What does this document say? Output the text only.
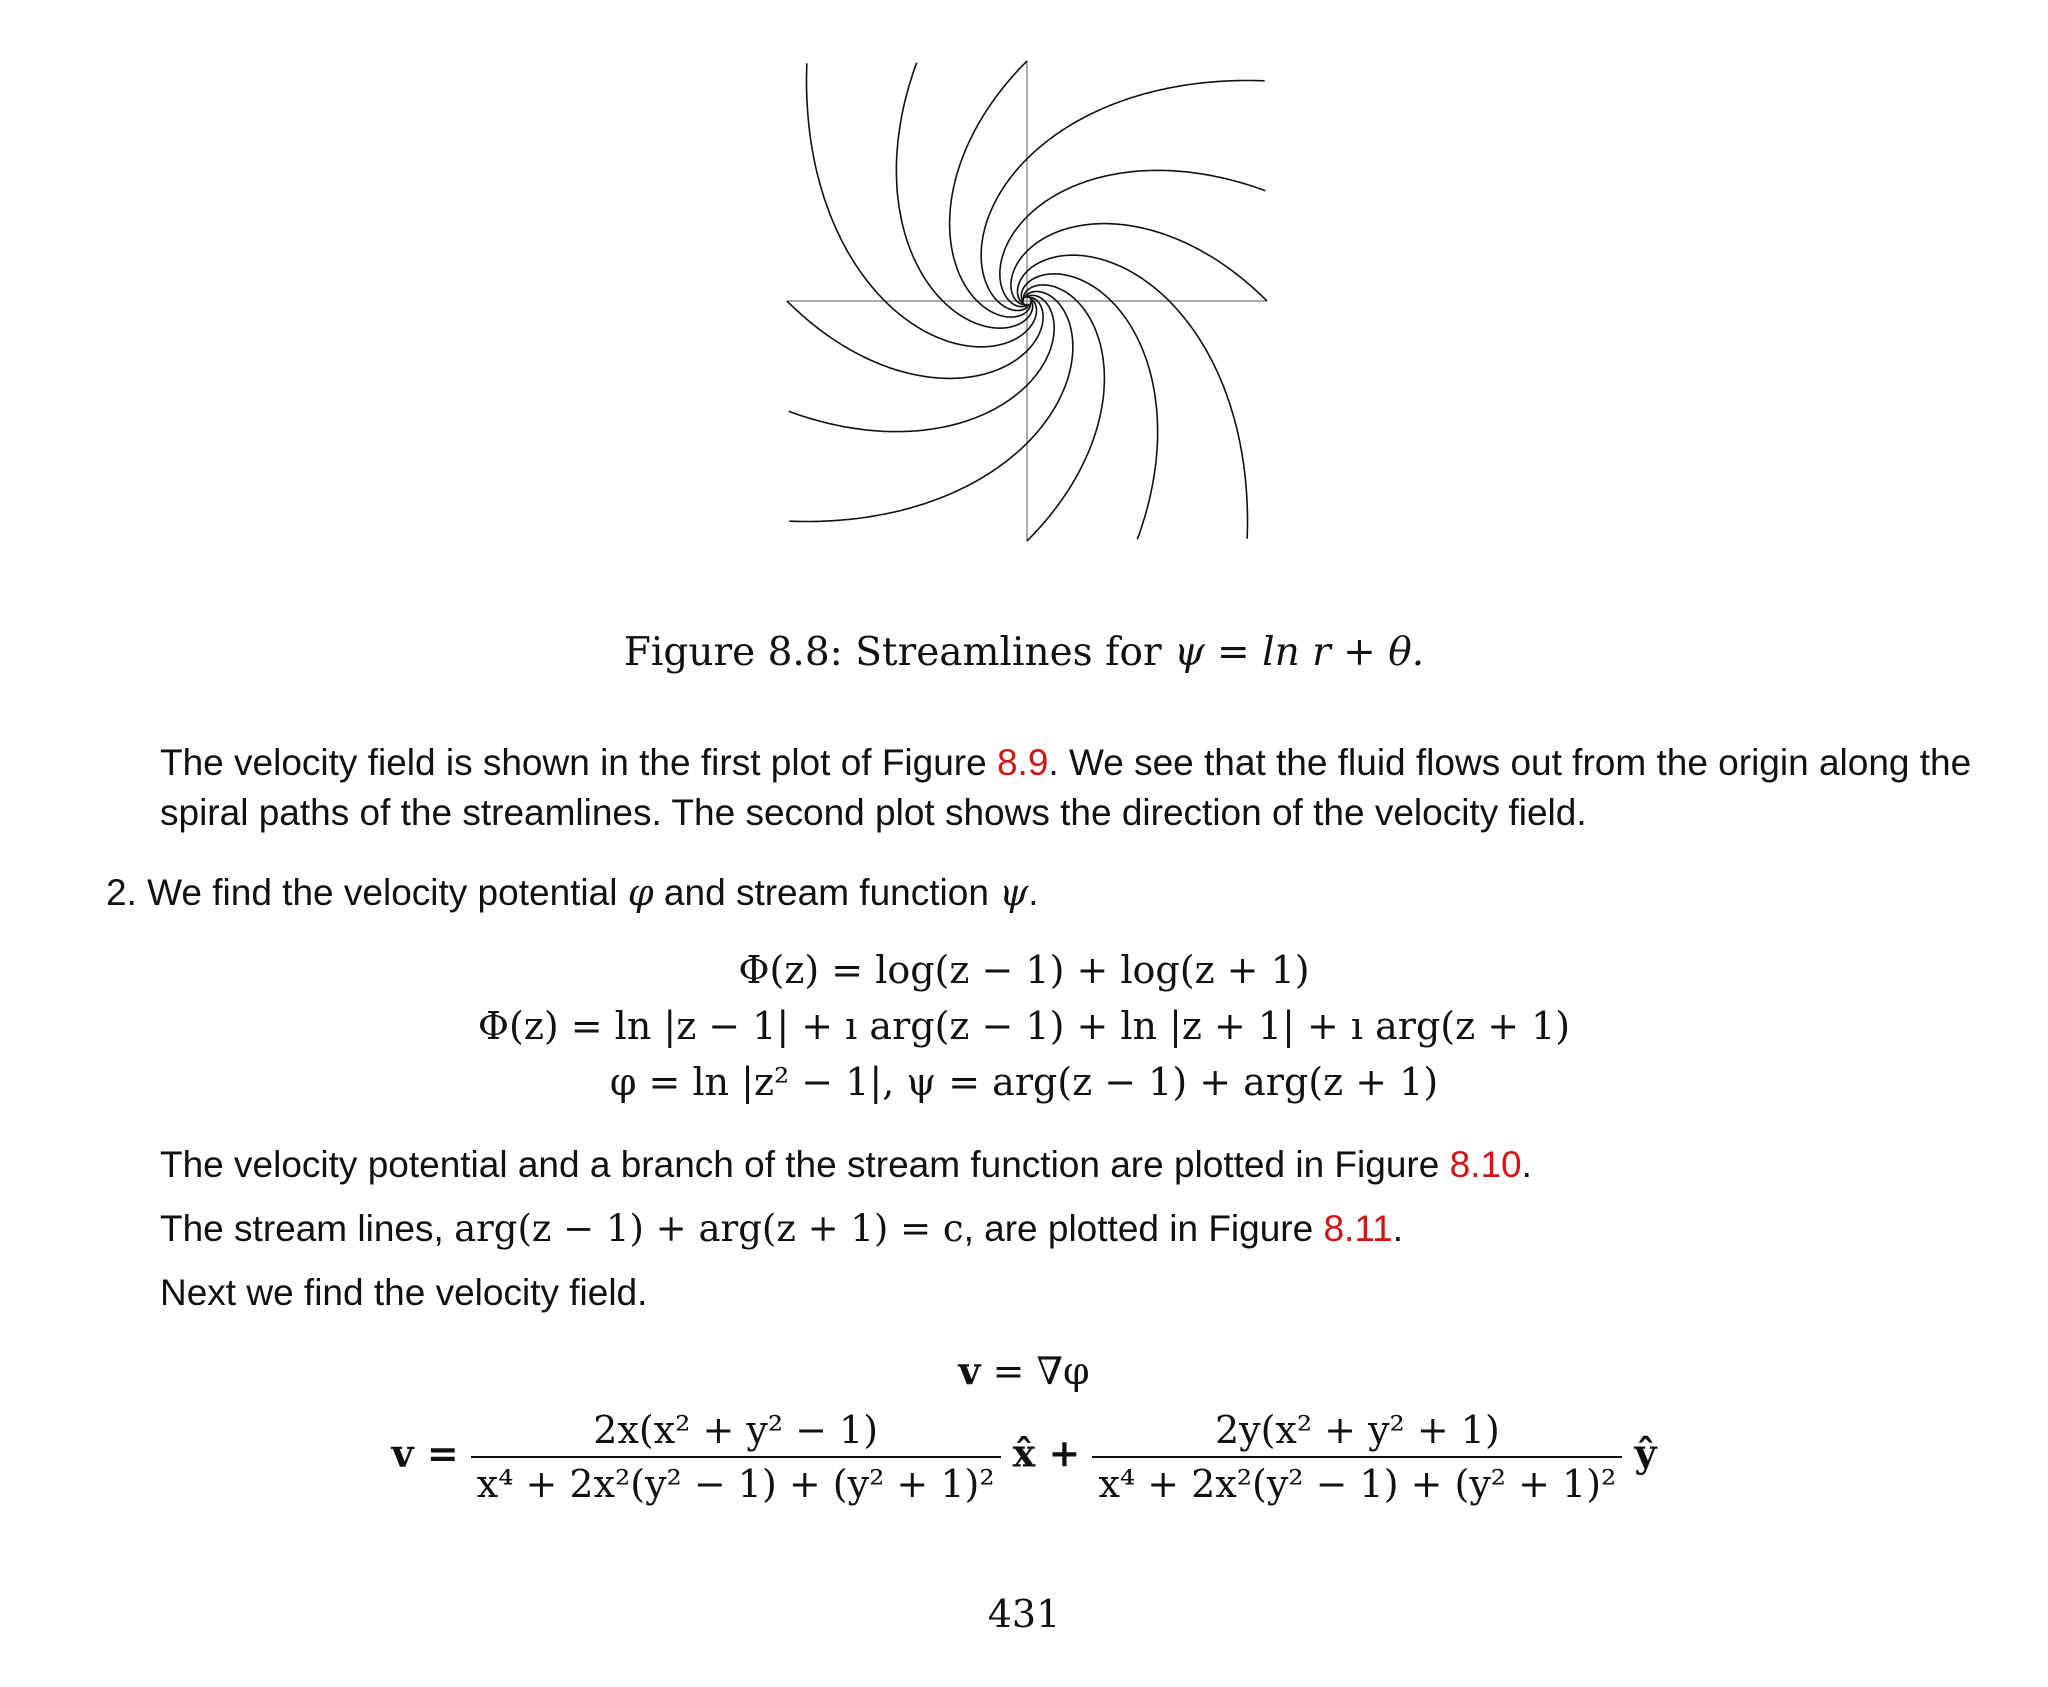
Figure 8.8: Streamlines for ψ = ln r + θ.
The velocity field is shown in the first plot of Figure 8.9. We see that the fluid flows out from the origin along the spiral paths of the streamlines. The second plot shows the direction of the velocity field.
2. We find the velocity potential φ and stream function ψ.
Φ(z) = log(z − 1) + log(z + 1)
Φ(z) = ln |z − 1| + ı arg(z − 1) + ln |z + 1| + ı arg(z + 1)
φ = ln |z² − 1|, ψ = arg(z − 1) + arg(z + 1)
The velocity potential and a branch of the stream function are plotted in Figure 8.10.
The stream lines, arg(z − 1) + arg(z + 1) = c, are plotted in Figure 8.11.
Next we find the velocity field.
v = ∇φ
$v = \frac{\text{2x(x² + y² − 1)}}{\text{x⁴ + 2x²(y² − 1) + (y² + 1)²}}$ x̂ + $\frac{\text{2y(x² + y² + 1)}}{\text{x⁴ + 2x²(y² − 1) + (y² + 1)²}}$ ŷ
431
